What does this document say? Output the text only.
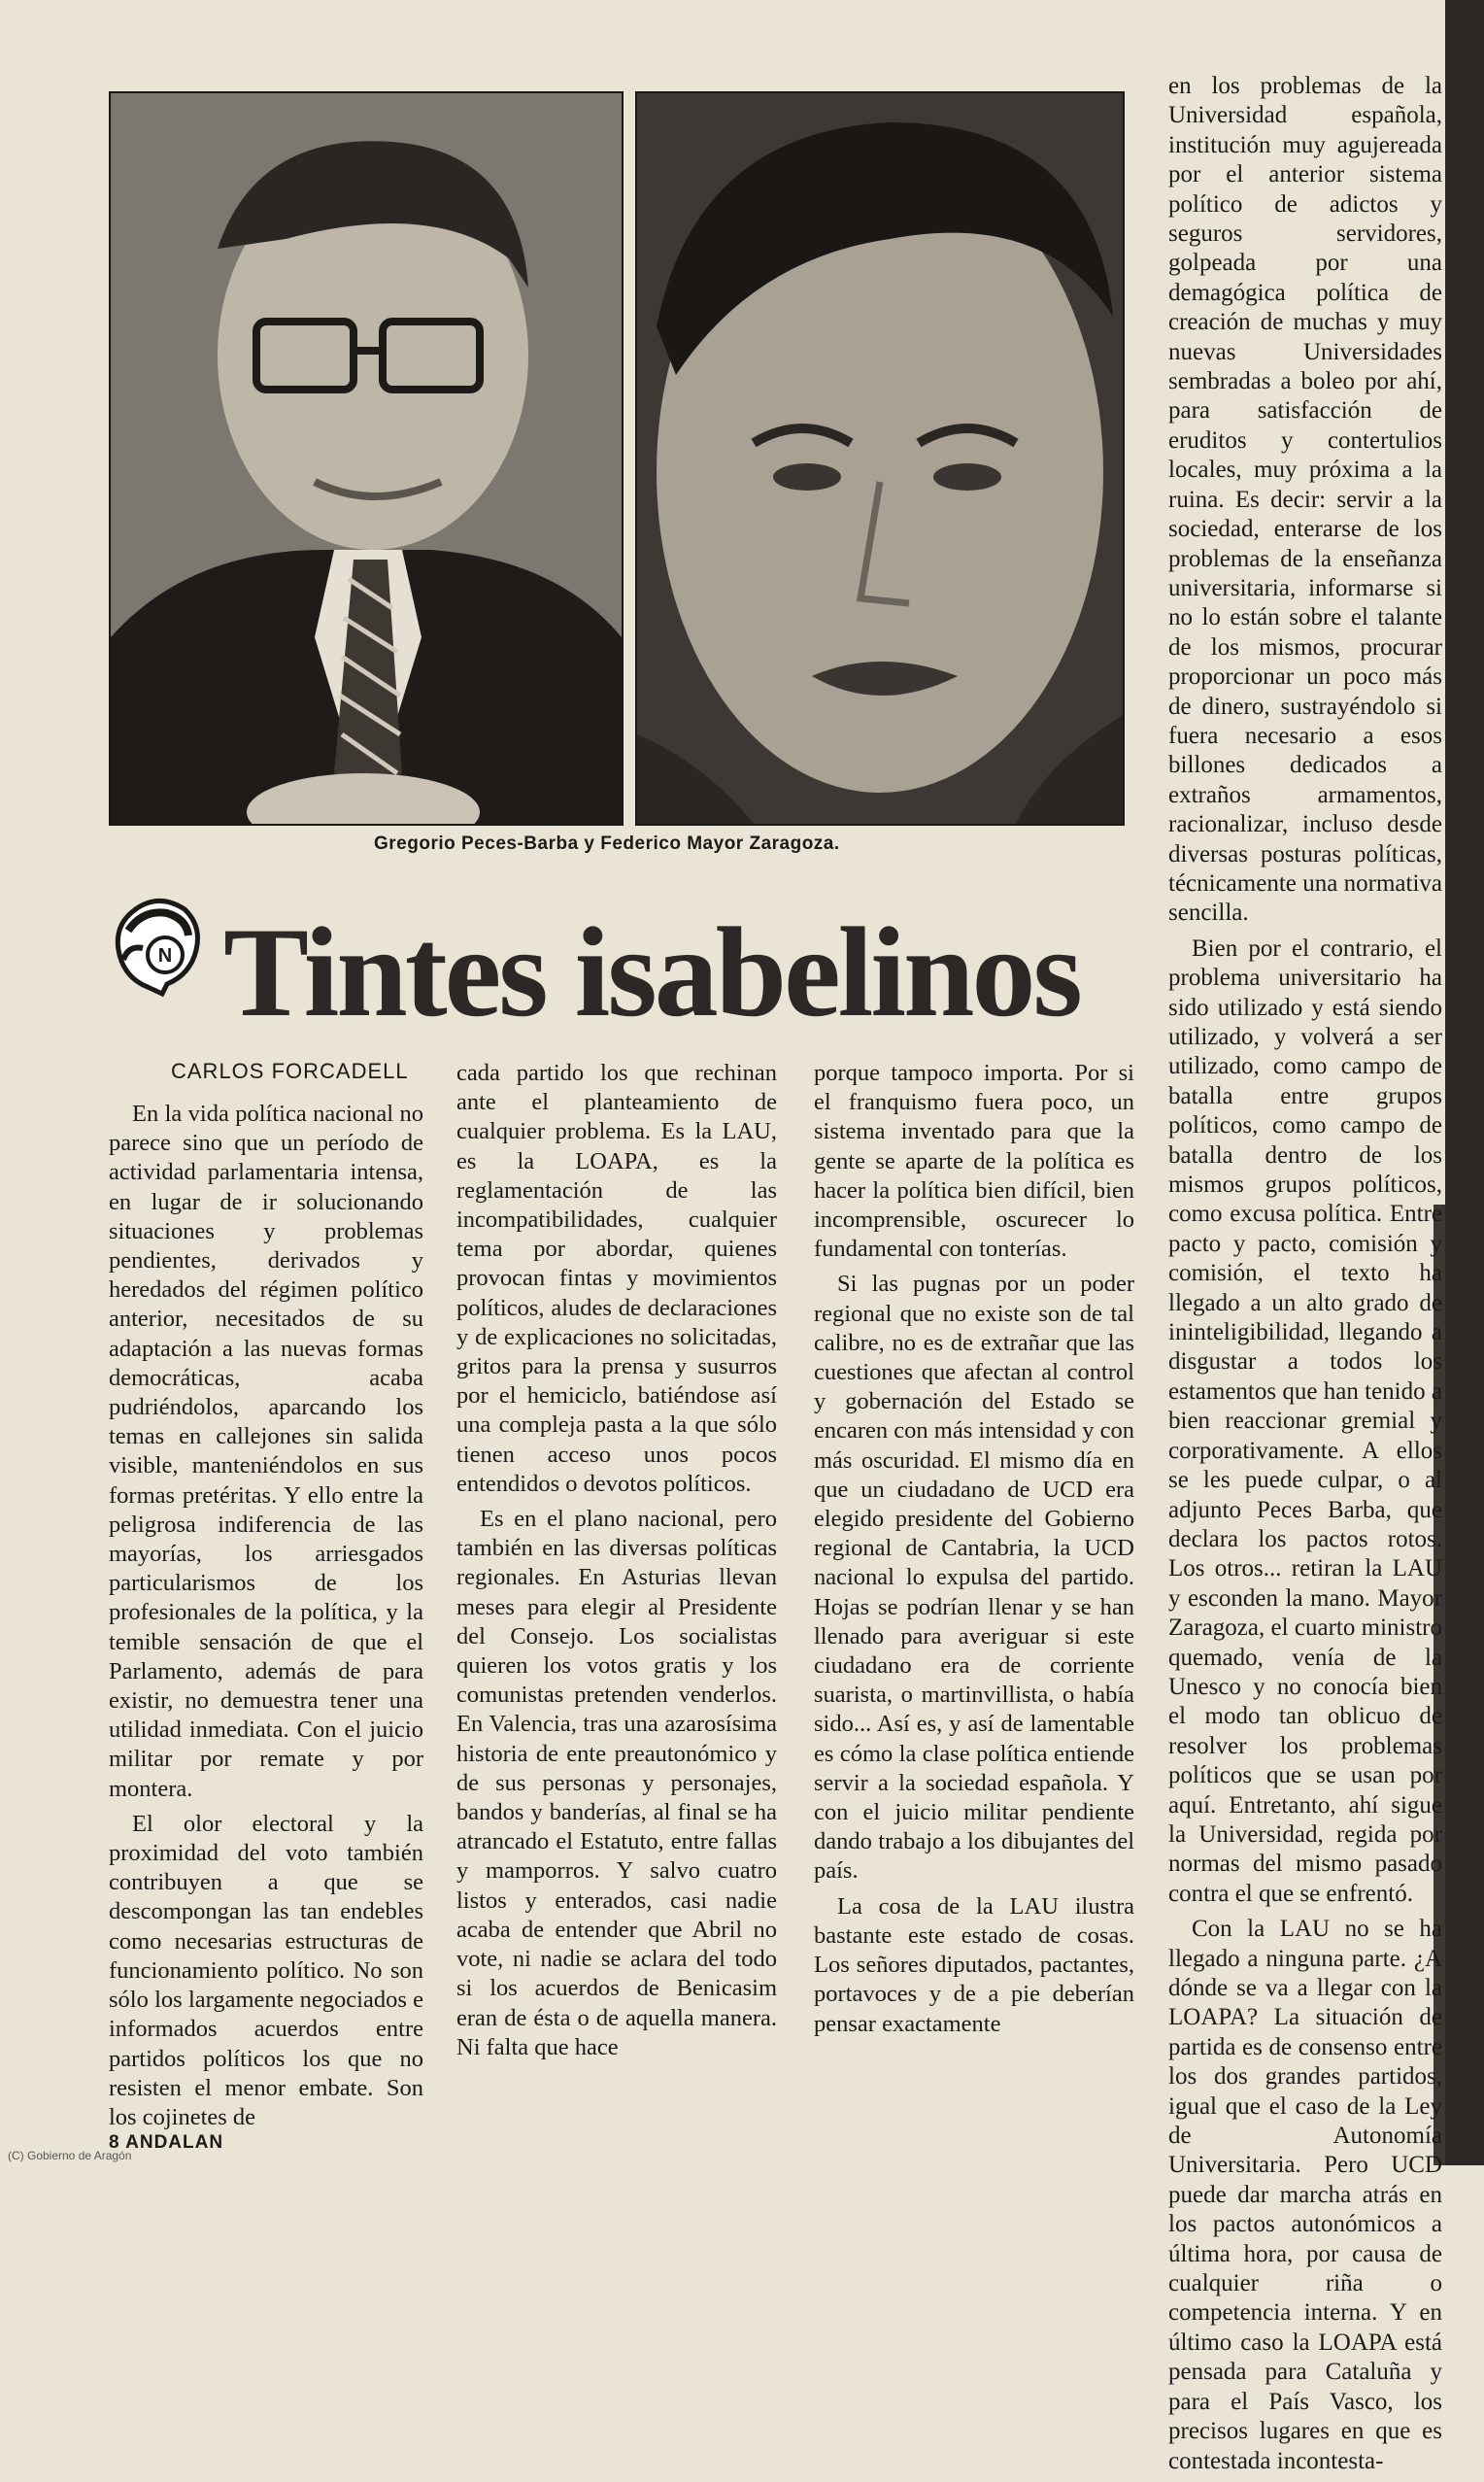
Gregorio Peces-Barba y Federico Mayor Zaragoza.
N Tintes isabelinos
CARLOS FORCADELL

En la vida política nacional no parece sino que un período de actividad parlamentaria intensa, en lugar de ir solucionando situaciones y problemas pendientes, derivados y heredados del régimen político anterior, necesitados de su adaptación a las nuevas formas democráticas, acaba pudriéndolos, aparcando los temas en callejones sin salida visible, manteniéndolos en sus formas pretéritas. Y ello entre la peligrosa indiferencia de las mayorías, los arriesgados particularismos de los profesionales de la política, y la temible sensación de que el Parlamento, además de para existir, no demuestra tener una utilidad inmediata. Con el juicio militar por remate y por montera.

El olor electoral y la proximidad del voto también contribuyen a que se descompongan las tan endebles como necesarias estructuras de funcionamiento político. No son sólo los largamente negociados e informados acuerdos entre partidos políticos los que no resisten el menor embate. Son los cojinetes de

cada partido los que rechinan ante el planteamiento de cualquier problema. Es la LAU, es la LOAPA, es la reglamentación de las incompatibilidades, cualquier tema por abordar, quienes provocan fintas y movimientos políticos, aludes de declaraciones y de explicaciones no solicitadas, gritos para la prensa y susurros por el hemiciclo, batiéndose así una compleja pasta a la que sólo tienen acceso unos pocos entendidos o devotos políticos.

Es en el plano nacional, pero también en las diversas políticas regionales. En Asturias llevan meses para elegir al Presidente del Consejo. Los socialistas quieren los votos gratis y los comunistas pretenden venderlos. En Valencia, tras una azarosísima historia de ente preautonómico y de sus personas y personajes, bandos y banderías, al final se ha atrancado el Estatuto, entre fallas y mamporros. Y salvo cuatro listos y enterados, casi nadie acaba de entender que Abril no vote, ni nadie se aclara del todo si los acuerdos de Benicasim eran de ésta o de aquella manera. Ni falta que hace

porque tampoco importa. Por si el franquismo fuera poco, un sistema inventado para que la gente se aparte de la política es hacer la política bien difícil, bien incomprensible, oscurecer lo fundamental con tonterías.

Si las pugnas por un poder regional que no existe son de tal calibre, no es de extrañar que las cuestiones que afectan al control y gobernación del Estado se encaren con más intensidad y con más oscuridad. El mismo día en que un ciudadano de UCD era elegido presidente del Gobierno regional de Cantabria, la UCD nacional lo expulsa del partido. Hojas se podrían llenar y se han llenado para averiguar si este ciudadano era de corriente suarista, o martinvillista, o había sido... Así es, y así de lamentable es cómo la clase política entiende servir a la sociedad española. Y con el juicio militar pendiente dando trabajo a los dibujantes del país.

La cosa de la LAU ilustra bastante este estado de cosas. Los señores diputados, pactantes, portavoces y de a pie deberían pensar exactamente

en los problemas de la Universidad española, institución muy agujereada por el anterior sistema político de adictos y seguros servidores, golpeada por una demagógica política de creación de muchas y muy nuevas Universidades sembradas a boleo por ahí, para satisfacción de eruditos y contertulios locales, muy próxima a la ruina. Es decir: servir a la sociedad, enterarse de los problemas de la enseñanza universitaria, informarse si no lo están sobre el talante de los mismos, procurar proporcionar un poco más de dinero, sustrayéndolo si fuera necesario a esos billones dedicados a extraños armamentos, racionalizar, incluso desde diversas posturas políticas, técnicamente una normativa sencilla.

Bien por el contrario, el problema universitario ha sido utilizado y está siendo utilizado, y volverá a ser utilizado, como campo de batalla entre grupos políticos, como campo de batalla dentro de los mismos grupos políticos, como excusa política. Entre pacto y pacto, comisión y comisión, el texto ha llegado a un alto grado de ininteligibilidad, llegando a disgustar a todos los estamentos que han tenido a bien reaccionar gremial y corporativamente. A ellos se les puede culpar, o al adjunto Peces Barba, que declara los pactos rotos. Los otros... retiran la LAU y esconden la mano. Mayor Zaragoza, el cuarto ministro quemado, venía de la Unesco y no conocía bien el modo tan oblicuo de resolver los problemas políticos que se usan por aquí. Entretanto, ahí sigue la Universidad, regida por normas del mismo pasado contra el que se enfrentó.

Con la LAU no se ha llegado a ninguna parte. ¿A dónde se va a llegar con la LOAPA? La situación de partida es de consenso entre los dos grandes partidos, igual que el caso de la Ley de Autonomía Universitaria. Pero UCD puede dar marcha atrás en los pactos autonómicos a última hora, por causa de cualquier riña o competencia interna. Y en último caso la LOAPA está pensada para Cataluña y para el País Vasco, los precisos lugares en que es contestada incontesta-

8 ANDALAN
(C) Gobierno de Aragón
